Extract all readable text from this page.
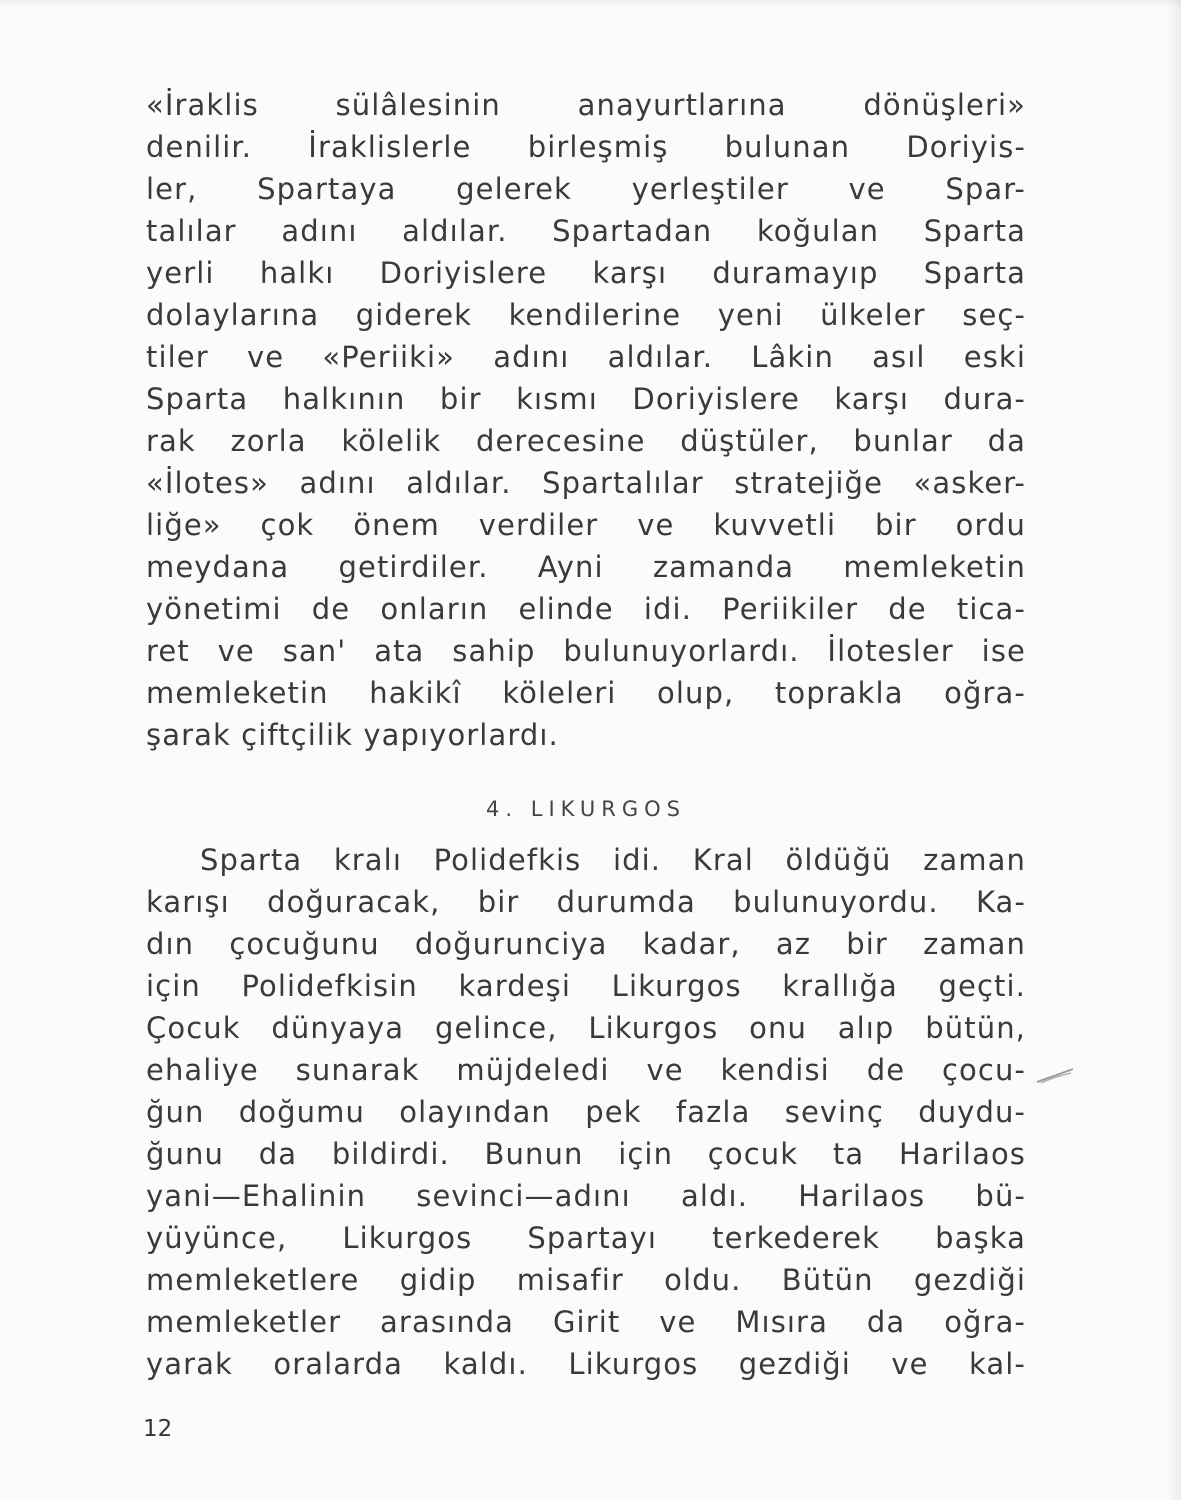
«İraklis sülâlesinin anayurtlarına dönüşleri»
denilir. İraklislerle birleşmiş bulunan Doriyis-
ler, Spartaya gelerek yerleştiler ve Spar-
talılar adını aldılar. Spartadan koğulan Sparta
yerli halkı Doriyislere karşı duramayıp Sparta
dolaylarına giderek kendilerine yeni ülkeler seç-
tiler ve «Periiki» adını aldılar. Lâkin asıl eski
Sparta halkının bir kısmı Doriyislere karşı dura-
rak zorla kölelik derecesine düştüler, bunlar da
«İlotes» adını aldılar. Spartalılar strateji̇ğe «asker-
liğe» çok önem verdiler ve kuvvetli bir ordu
meydana getirdiler. Ayni zamanda memleketin
yönetimi de onların elinde idi. Periikiler de tica-
ret ve san' ata sahip bulunuyorlardı. İlotesler ise
memleketin hakikî köleleri olup, toprakla oğra-
şarak çiftçilik yapıyorlardı.
4. LIKURGOS
Sparta kralı Polidefkis idi. Kral öldüğü zaman
karışı doğuracak, bir durumda bulunuyordu. Ka-
dın çocuğunu doğurunciya kadar, az bir zaman
için Polidefkisin kardeşi Likurgos krallığa geçti.
Çocuk dünyaya gelince, Likurgos onu alıp bütün,
ehaliye sunarak müjdeledi ve kendisi de çocu-
ğun doğumu olayından pek fazla sevinç duydu-
ğunu da bildirdi. Bunun için çocuk ta Harilaos
yani—Ehalinin sevinci—adını aldı. Harilaos bü-
yüyünce, Likurgos Spartayı terkederek başka
memleketlere gidip misafir oldu. Bütün gezdiği
memleketler arasında Girit ve Mısıra da oğra-
yarak oralarda kaldı. Likurgos gezdiği ve kal-
12
